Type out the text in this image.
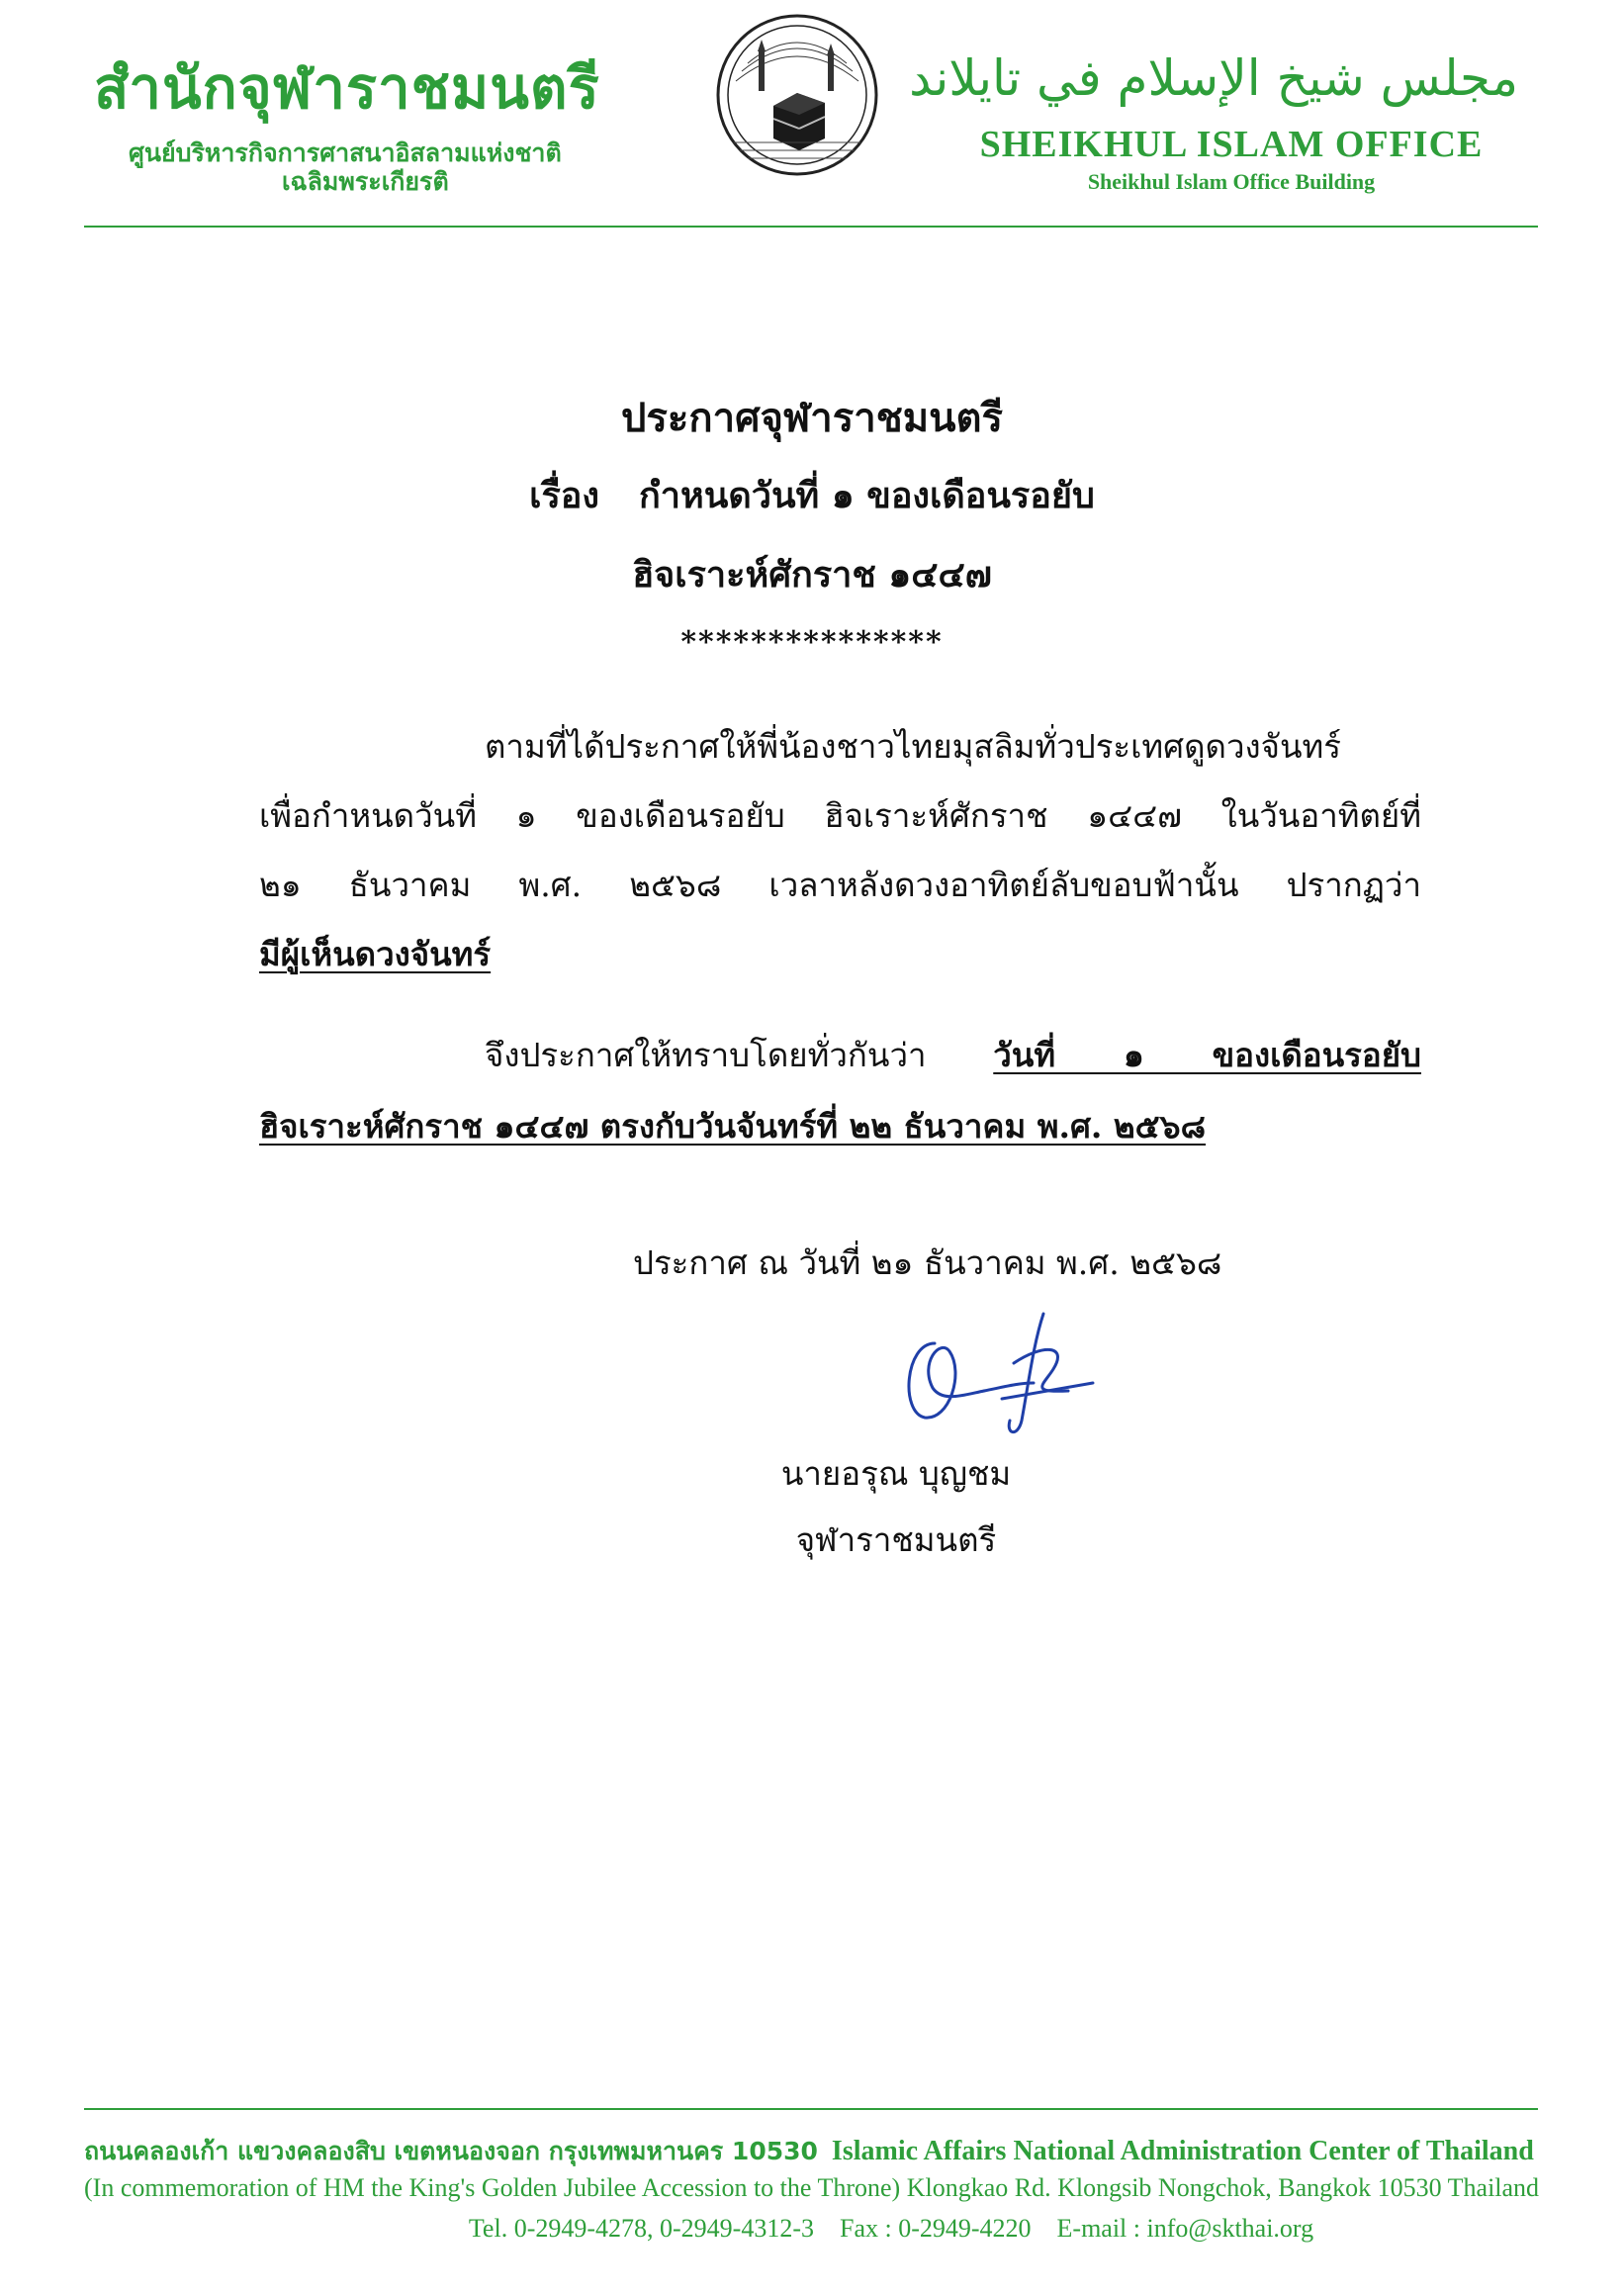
สำนักจุฬาราชมนตรี
ศูนย์บริหารกิจการศาสนาอิสลามแห่งชาติ
เฉลิมพระเกียรติ
مجلس شيخ الإسلام في تايلاند
SHEIKHUL ISLAM OFFICE
Sheikhul Islam Office Building
ประกาศจุฬาราชมนตรี
เรื่อง กำหนดวันที่ ๑ ของเดือนรอยับ
ฮิจเราะห์ศักราช ๑๔๔๗
***************
ตามที่ได้ประกาศให้พี่น้องชาวไทยมุสลิมทั่วประเทศดูดวงจันทร์
เพื่อกำหนดวันที่ ๑ ของเดือนรอยับ ฮิจเราะห์ศักราช ๑๔๔๗ ในวันอาทิตย์ที่
๒๑ ธันวาคม พ.ศ. ๒๕๖๘ เวลาหลังดวงอาทิตย์ลับขอบฟ้านั้น ปรากฏว่า
มีผู้เห็นดวงจันทร์
จึงประกาศให้ทราบโดยทั่วกันว่า วันที่ ๑ ของเดือนรอยับ
ฮิจเราะห์ศักราช ๑๔๔๗ ตรงกับวันจันทร์ที่ ๒๒ ธันวาคม พ.ศ. ๒๕๖๘
ประกาศ ณ วันที่ ๒๑ ธันวาคม พ.ศ. ๒๕๖๘
นายอรุณ บุญชม
จุฬาราชมนตรี
ถนนคลองเก้า แขวงคลองสิบ เขตหนองจอก กรุงเทพมหานคร 10530 Islamic Affairs National Administration Center of Thailand
(In commemoration of HM the King's Golden Jubilee Accession to the Throne) Klongkao Rd. Klongsib Nongchok, Bangkok 10530 Thailand
Tel. 0-2949-4278, 0-2949-4312-3 Fax : 0-2949-4220 E-mail : info@skthai.org
